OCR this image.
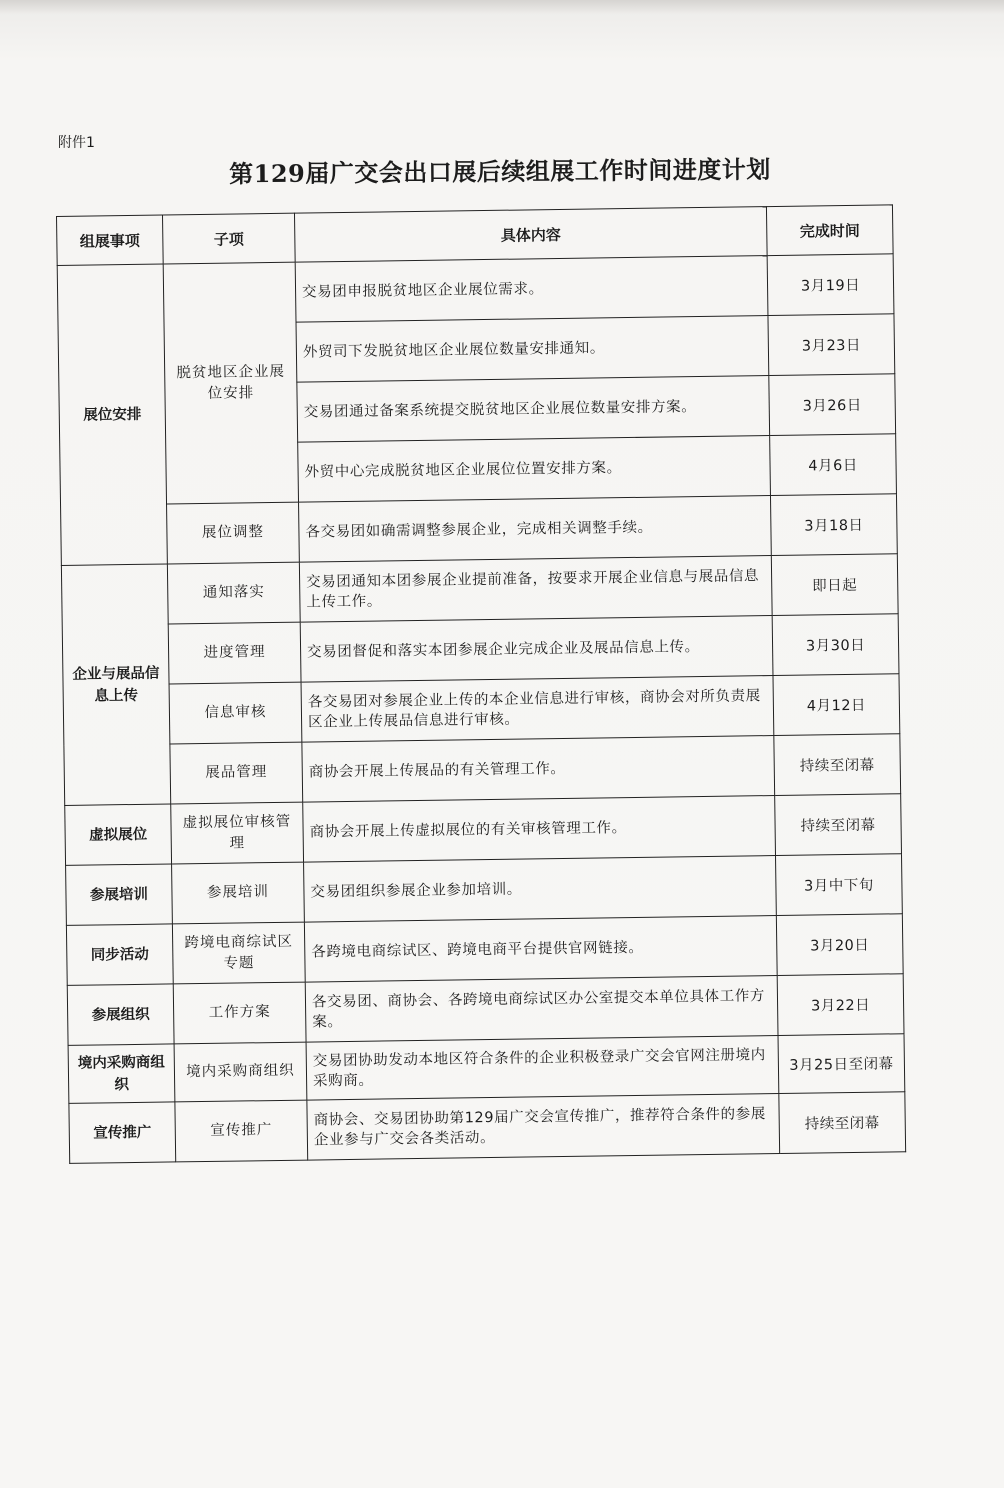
附件1
第129届广交会出口展后续组展工作时间进度计划
组展事项	子项	具体内容	完成时间
展位安排	脱贫地区企业展位安排	交易团申报脱贫地区企业展位需求。	3月19日
		外贸司下发脱贫地区企业展位数量安排通知。	3月23日
		交易团通过备案系统提交脱贫地区企业展位数量安排方案。	3月26日
		外贸中心完成脱贫地区企业展位位置安排方案。	4月6日
	展位调整	各交易团如确需调整参展企业，完成相关调整手续。	3月18日
企业与展品信息上传	通知落实	交易团通知本团参展企业提前准备，按要求开展企业信息与展品信息上传工作。	即日起
	进度管理	交易团督促和落实本团参展企业完成企业及展品信息上传。	3月30日
	信息审核	各交易团对参展企业上传的本企业信息进行审核，商协会对所负责展区企业上传展品信息进行审核。	4月12日
	展品管理	商协会开展上传展品的有关管理工作。	持续至闭幕
虚拟展位	虚拟展位审核管理	商协会开展上传虚拟展位的有关审核管理工作。	持续至闭幕
参展培训	参展培训	交易团组织参展企业参加培训。	3月中下旬
同步活动	跨境电商综试区专题	各跨境电商综试区、跨境电商平台提供官网链接。	3月20日
参展组织	工作方案	各交易团、商协会、各跨境电商综试区办公室提交本单位具体工作方案。	3月22日
境内采购商组织	境内采购商组织	交易团协助发动本地区符合条件的企业积极登录广交会官网注册境内采购商。	3月25日至闭幕
宣传推广	宣传推广	商协会、交易团协助第129届广交会宣传推广，推荐符合条件的参展企业参与广交会各类活动。	持续至闭幕
